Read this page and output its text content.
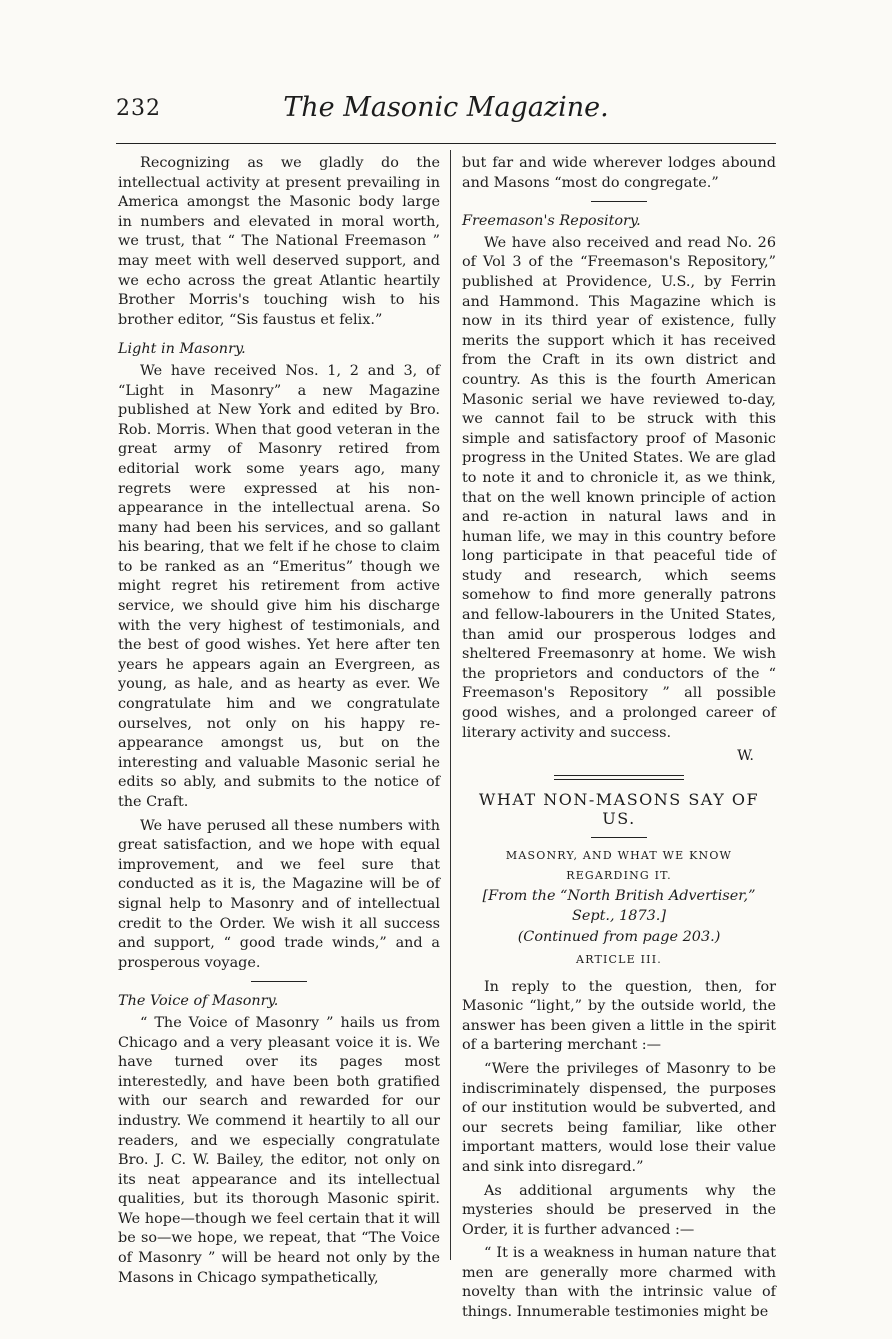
232	The Masonic Magazine.

Recognizing as we gladly do the intellectual activity at present prevailing in America amongst the Masonic body large in numbers and elevated in moral worth, we trust, that “ The National Freemason ” may meet with well deserved support, and we echo across the great Atlantic heartily Brother Morris's touching wish to his brother editor, “Sis faustus et felix.”

Light in Masonry.

We have received Nos. 1, 2 and 3, of “Light in Masonry” a new Magazine published at New York and edited by Bro. Rob. Morris. When that good veteran in the great army of Masonry retired from editorial work some years ago, many regrets were expressed at his non-appearance in the intellectual arena. So many had been his services, and so gallant his bearing, that we felt if he chose to claim to be ranked as an “Emeritus” though we might regret his retirement from active service, we should give him his discharge with the very highest of testimonials, and the best of good wishes. Yet here after ten years he appears again an Evergreen, as young, as hale, and as hearty as ever. We congratulate him and we congratulate ourselves, not only on his happy re-appearance amongst us, but on the interesting and valuable Masonic serial he edits so ably, and submits to the notice of the Craft.

We have perused all these numbers with great satisfaction, and we hope with equal improvement, and we feel sure that conducted as it is, the Magazine will be of signal help to Masonry and of intellectual credit to the Order. We wish it all success and support, “ good trade winds,” and a prosperous voyage.

The Voice of Masonry.

“ The Voice of Masonry ” hails us from Chicago and a very pleasant voice it is. We have turned over its pages most interestedly, and have been both gratified with our search and rewarded for our industry. We commend it heartily to all our readers, and we especially congratulate Bro. J. C. W. Bailey, the editor, not only on its neat appearance and its intellectual qualities, but its thorough Masonic spirit. We hope—though we feel certain that it will be so—we hope, we repeat, that “The Voice of Masonry ” will be heard not only by the Masons in Chicago sympathetically,

but far and wide wherever lodges abound and Masons “most do congregate.”

Freemason's Repository.

We have also received and read No. 26 of Vol 3 of the “Freemason's Repository,” published at Providence, U.S., by Ferrin and Hammond. This Magazine which is now in its third year of existence, fully merits the support which it has received from the Craft in its own district and country. As this is the fourth American Masonic serial we have reviewed to-day, we cannot fail to be struck with this simple and satisfactory proof of Masonic progress in the United States. We are glad to note it and to chronicle it, as we think, that on the well known principle of action and re-action in natural laws and in human life, we may in this country before long participate in that peaceful tide of study and research, which seems somehow to find more generally patrons and fellow-labourers in the United States, than amid our prosperous lodges and sheltered Freemasonry at home. We wish the proprietors and conductors of the “ Freemason's Repository ” all possible good wishes, and a prolonged career of literary activity and success.

W.
WHAT NON-MASONS SAY OF US.
MASONRY, AND WHAT WE KNOW REGARDING IT.
[From the “North British Advertiser,” Sept., 1873.]
(Continued from page 203.)
ARTICLE III.

In reply to the question, then, for Masonic “light,” by the outside world, the answer has been given a little in the spirit of a bartering merchant :—

“Were the privileges of Masonry to be indiscriminately dispensed, the purposes of our institution would be subverted, and our secrets being familiar, like other important matters, would lose their value and sink into disregard.”

As additional arguments why the mysteries should be preserved in the Order, it is further advanced :—

“ It is a weakness in human nature that men are generally more charmed with novelty than with the intrinsic value of things. Innumerable testimonies might be
